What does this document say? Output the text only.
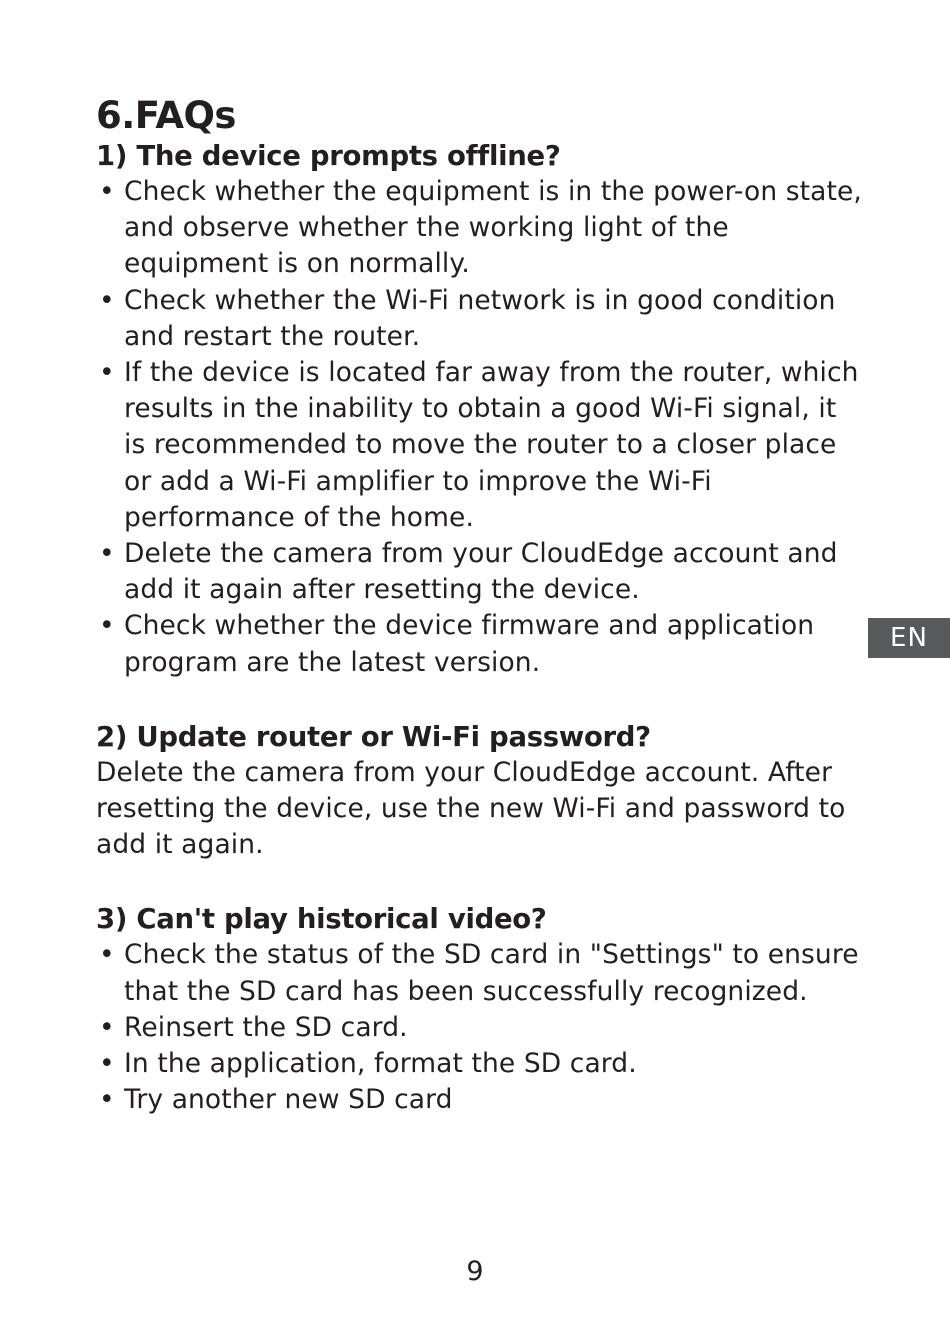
6.FAQs
1) The device prompts offline?
• Check whether the equipment is in the power-on state, and observe whether the working light of the equipment is on normally.
• Check whether the Wi-Fi network is in good condition and restart the router.
• If the device is located far away from the router, which results in the inability to obtain a good Wi-Fi signal, it is recommended to move the router to a closer place or add a Wi-Fi amplifier to improve the Wi-Fi performance of the home.
• Delete the camera from your CloudEdge account and add it again after resetting the device.
• Check whether the device firmware and application program are the latest version.
2) Update router or Wi-Fi password?

Delete the camera from your CloudEdge account. After resetting the device, use the new Wi-Fi and password to add it again.

3) Can't play historical video?
• Check the status of the SD card in "Settings" to ensure that the SD card has been successfully recognized.
• Reinsert the SD card.
• In the application, format the SD card.
• Try another new SD card
EN
9
